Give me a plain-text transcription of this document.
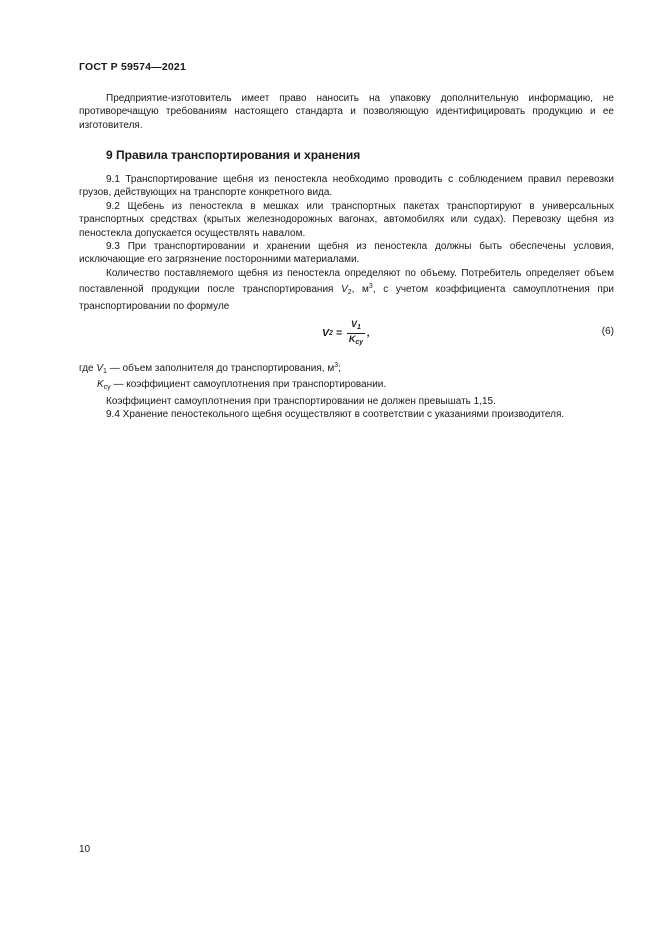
ГОСТ Р 59574—2021

Предприятие-изготовитель имеет право наносить на упаковку дополнительную информацию, не противоречащую требованиям настоящего стандарта и позволяющую идентифицировать продукцию и ее изготовителя.

9 Правила транспортирования и хранения

9.1 Транспортирование щебня из пеностекла необходимо проводить с соблюдением правил перевозки грузов, действующих на транспорте конкретного вида.

9.2 Щебень из пеностекла в мешках или транспортных пакетах транспортируют в универсальных транспортных средствах (крытых железнодорожных вагонах, автомобилях или судах). Перевозку щебня из пеностекла допускается осуществлять навалом.

9.3 При транспортировании и хранении щебня из пеностекла должны быть обеспечены условия, исключающие его загрязнение посторонними материалами.

Количество поставляемого щебня из пеностекла определяют по объему. Потребитель определяет объем поставленной продукции после транспортирования $V_2$, $м^3$, с учетом коэффициента самоуплотнения при транспортировании по формуле

V $2 = \frac{V_1}{K_{су}}$ ,	(6)
где $V_1$ — объем заполнителя до транспортирования, $м^3$;
$K_{су}$ — коэффициент самоуплотнения при транспортировании.

Коэффициент самоуплотнения при транспортировании не должен превышать 1,15.

9.4 Хранение пеностекольного щебня осуществляют в соответствии с указаниями производителя.

10
